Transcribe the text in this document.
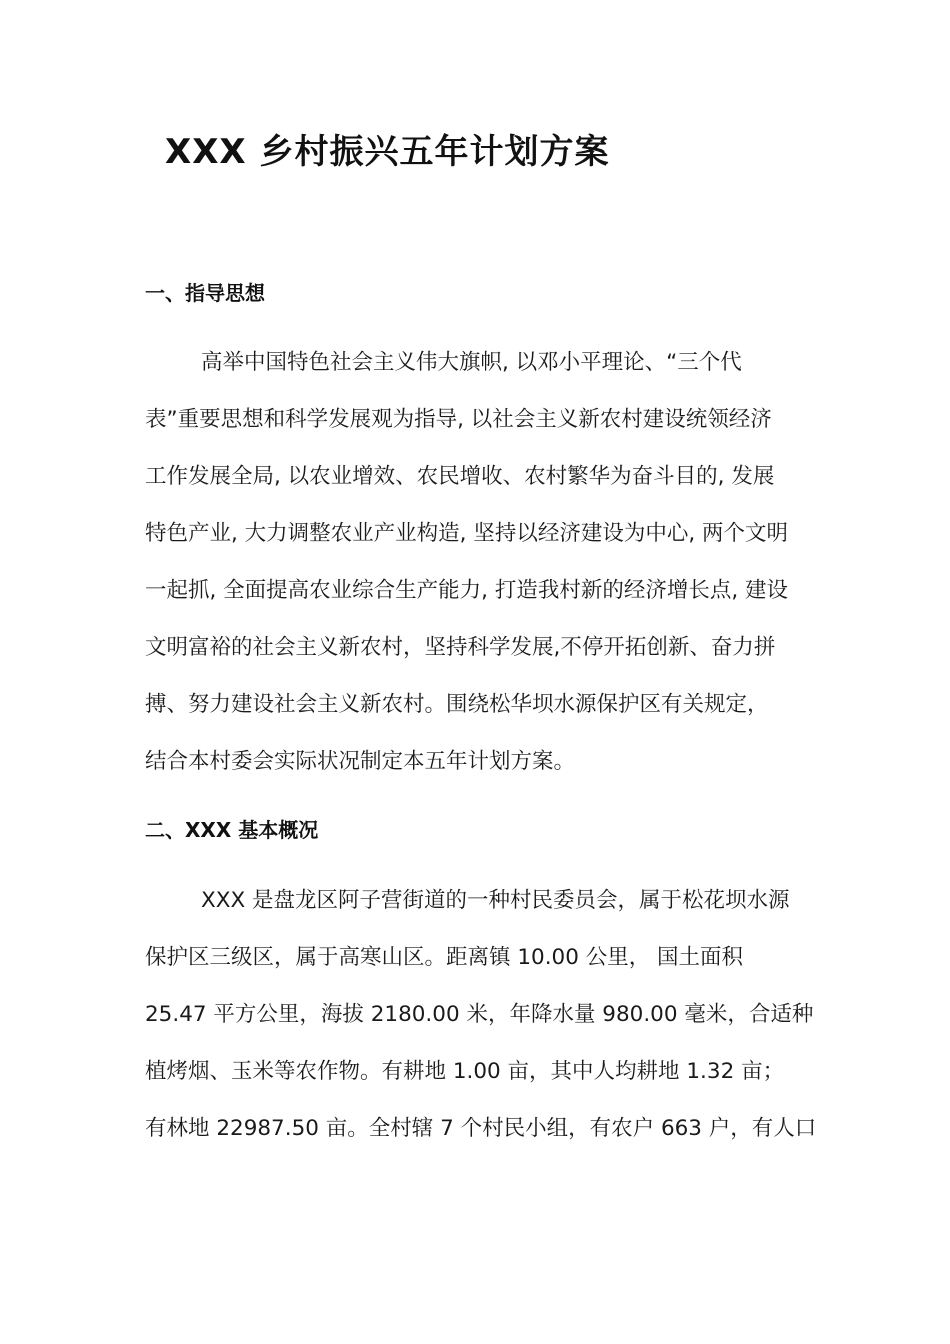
XXX 乡村振兴五年计划方案
一、指导思想
高举中国特色社会主义伟大旗帜, 以邓小平理论、“三个代
表”重要思想和科学发展观为指导, 以社会主义新农村建设统领经济
工作发展全局, 以农业增效、农民增收、农村繁华为奋斗目的, 发展
特色产业, 大力调整农业产业构造, 坚持以经济建设为中心, 两个文明
一起抓, 全面提高农业综合生产能力, 打造我村新的经济增长点, 建设
文明富裕的社会主义新农村，坚持科学发展,不停开拓创新、奋力拼
搏、努力建设社会主义新农村。围绕松华坝水源保护区有关规定，
结合本村委会实际状况制定本五年计划方案。
二、XXX 基本概况
XXX 是盘龙区阿子营街道的一种村民委员会，属于松花坝水源
保护区三级区，属于高寒山区。距离镇 10.00 公里， 国土面积
25.47 平方公里，海拔 2180.00 米，年降水量 980.00 毫米，合适种
植烤烟、玉米等农作物。有耕地 1.00 亩，其中人均耕地 1.32 亩；
有林地 22987.50 亩。全村辖 7 个村民小组，有农户 663 户，有人口
